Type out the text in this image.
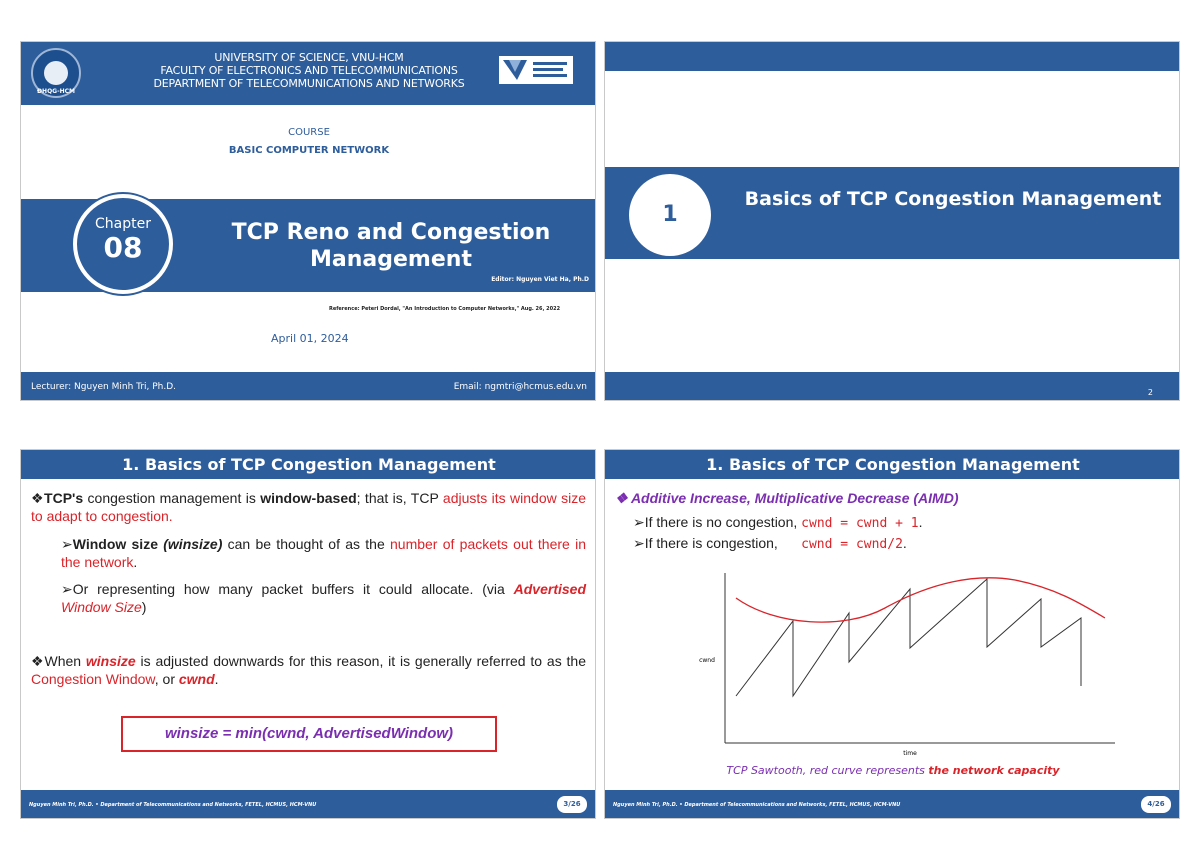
ĐHQG-HCM
UNIVERSITY OF SCIENCE, VNU-HCM
FACULTY OF ELECTRONICS AND TELECOMMUNICATIONS
DEPARTMENT OF TELECOMMUNICATIONS AND NETWORKS
COURSE
BASIC COMPUTER NETWORK
TCP Reno and Congestion Management
Editor: Nguyen Viet Ha, Ph.D
Chapter
08
Reference: Peteri Dordal, "An Introduction to Computer Networks," Aug. 26, 2022
April 01, 2024
Lecturer: Nguyen Minh Tri, Ph.D.	Email: ngmtri@hcmus.edu.vn
Basics of TCP Congestion Management
1
2
1. Basics of TCP Congestion Management
❖TCP's congestion management is window-based; that is, TCP adjusts its window size to adapt to congestion.
➢Window size (winsize) can be thought of as the number of packets out there in the network.
➢Or representing how many packet buffers it could allocate. (via Advertised Window Size)
❖When winsize is adjusted downwards for this reason, it is generally referred to as the Congestion Window, or cwnd.
winsize = min(cwnd, AdvertisedWindow)
Nguyen Minh Tri, Ph.D. • Department of Telecommunications and Networks, FETEL, HCMUS, HCM-VNU	3/26
1. Basics of TCP Congestion Management
❖ Additive Increase, Multiplicative Decrease (AIMD)
➢If there is no congestion, cwnd = cwnd + 1.
➢If there is congestion,      cwnd = cwnd/2.
cwnd
time
TCP Sawtooth, red curve represents the network capacity
Nguyen Minh Tri, Ph.D. • Department of Telecommunications and Networks, FETEL, HCMUS, HCM-VNU	4/26
